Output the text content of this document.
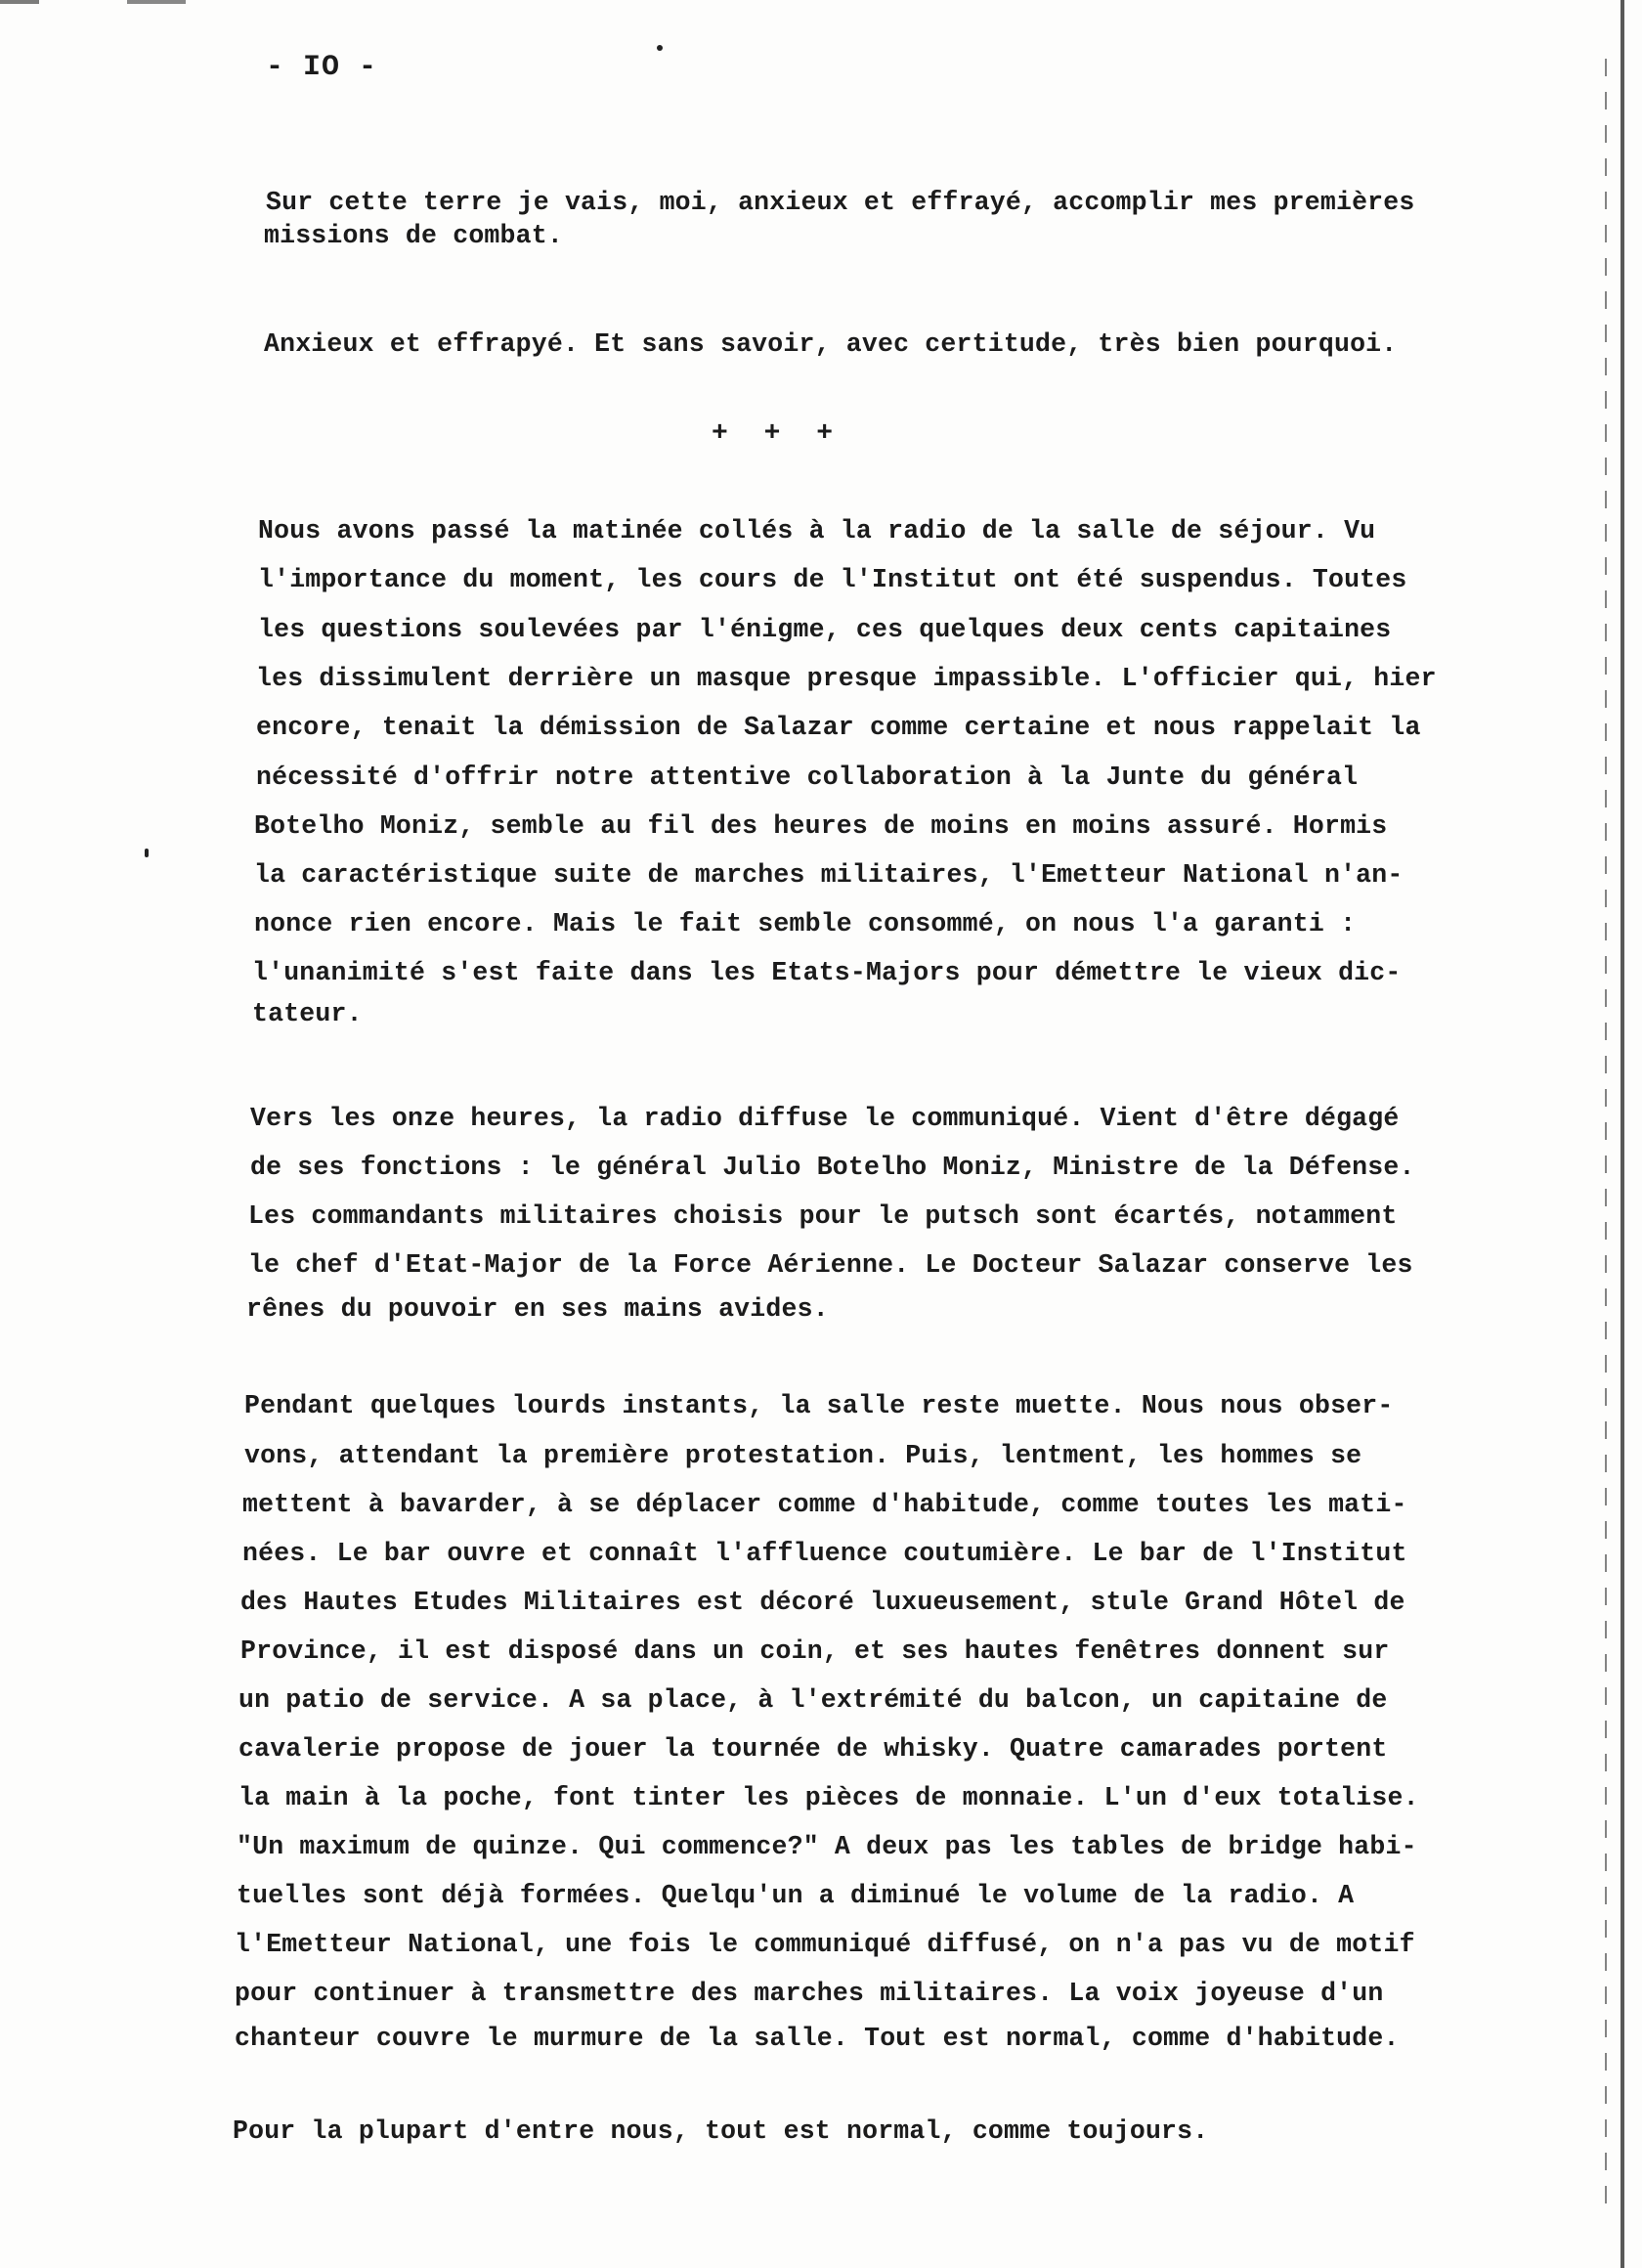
- IO -
Sur cette terre je vais, moi, anxieux et effrayé, accomplir mes premières
missions de combat.
Anxieux et effrapyé. Et sans savoir, avec certitude, très bien pourquoi.
+ + +
Nous avons passé la matinée collés à la radio de la salle de séjour. Vu
l'importance du moment, les cours de l'Institut ont été suspendus. Toutes
les questions soulevées par l'énigme, ces quelques deux cents capitaines
les dissimulent derrière un masque presque impassible. L'officier qui, hier
encore, tenait la démission de Salazar comme certaine et nous rappelait la
nécessité d'offrir notre attentive collaboration à la Junte du général
Botelho Moniz, semble au fil des heures de moins en moins assuré. Hormis
la caractéristique suite de marches militaires, l'Emetteur National n'an-
nonce rien encore. Mais le fait semble consommé, on nous l'a garanti :
l'unanimité s'est faite dans les Etats-Majors pour démettre le vieux dic-
tateur.
Vers les onze heures, la radio diffuse le communiqué. Vient d'être dégagé
de ses fonctions : le général Julio Botelho Moniz, Ministre de la Défense.
Les commandants militaires choisis pour le putsch sont écartés, notamment
le chef d'Etat-Major de la Force Aérienne. Le Docteur Salazar conserve les
rênes du pouvoir en ses mains avides.
Pendant quelques lourds instants, la salle reste muette. Nous nous obser-
vons, attendant la première protestation. Puis, lentment, les hommes se
mettent à bavarder, à se déplacer comme d'habitude, comme toutes les mati-
nées. Le bar ouvre et connaît l'affluence coutumière. Le bar de l'Institut
des Hautes Etudes Militaires est décoré luxueusement, stule Grand Hôtel de
Province, il est disposé dans un coin, et ses hautes fenêtres donnent sur
un patio de service. A sa place, à l'extrémité du balcon, un capitaine de
cavalerie propose de jouer la tournée de whisky. Quatre camarades portent
la main à la poche, font tinter les pièces de monnaie. L'un d'eux totalise.
"Un maximum de quinze. Qui commence?" A deux pas les tables de bridge habi-
tuelles sont déjà formées. Quelqu'un a diminué le volume de la radio. A
l'Emetteur National, une fois le communiqué diffusé, on n'a pas vu de motif
pour continuer à transmettre des marches militaires. La voix joyeuse d'un
chanteur couvre le murmure de la salle. Tout est normal, comme d'habitude.
Pour la plupart d'entre nous, tout est normal, comme toujours.
